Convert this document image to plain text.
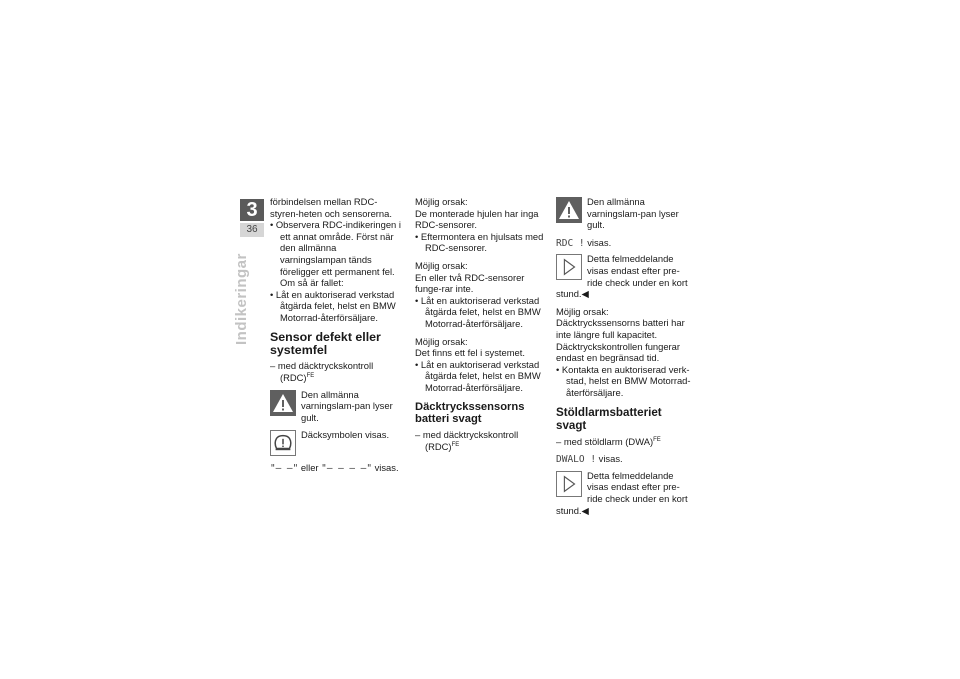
3
36
Indikeringar

förbindelsen mellan RDC-styren-heten och sensorerna.

• Observera RDC-indikeringen i ett annat område. Först när den allmänna varningslampan tänds föreligger ett permanent fel. Om så är fallet:

• Låt en auktoriserad verkstad åtgärda felet, helst en BMW Motorrad-återförsäljare.

Sensor defekt eller systemfel

– med däcktryckskontroll (RDC)$^{FE}$

Den allmänna varningslam-pan lyser gult.
Däcksymbolen visas.

"– –" eller "– – – –" visas.

Möjlig orsak:

De monterade hjulen har inga RDC-sensorer.

• Eftermontera en hjulsats med RDC-sensorer.

Möjlig orsak:

En eller två RDC-sensorer funge-rar inte.

• Låt en auktoriserad verkstad åtgärda felet, helst en BMW Motorrad-återförsäljare.

Möjlig orsak:

Det finns ett fel i systemet.

• Låt en auktoriserad verkstad åtgärda felet, helst en BMW Motorrad-återförsäljare.

Däcktryckssensorns batteri svagt

– med däcktryckskontroll (RDC)$^{FE}$

Den allmänna varningslam-pan lyser gult.

RDC ! visas.

Detta felmeddelande visas endast efter pre-ride check under en kort stund.◀

Möjlig orsak:

Däcktryckssensorns batteri har inte längre full kapacitet. Däcktryckskontrollen fungerar endast en begränsad tid.

• Kontakta en auktoriserad verk-stad, helst en BMW Motorrad-återförsäljare.

Stöldlarmsbatteriet svagt

– med stöldlarm (DWA)$^{FE}$

DWALO ! visas.

Detta felmeddelande visas endast efter pre-ride check under en kort stund.◀
